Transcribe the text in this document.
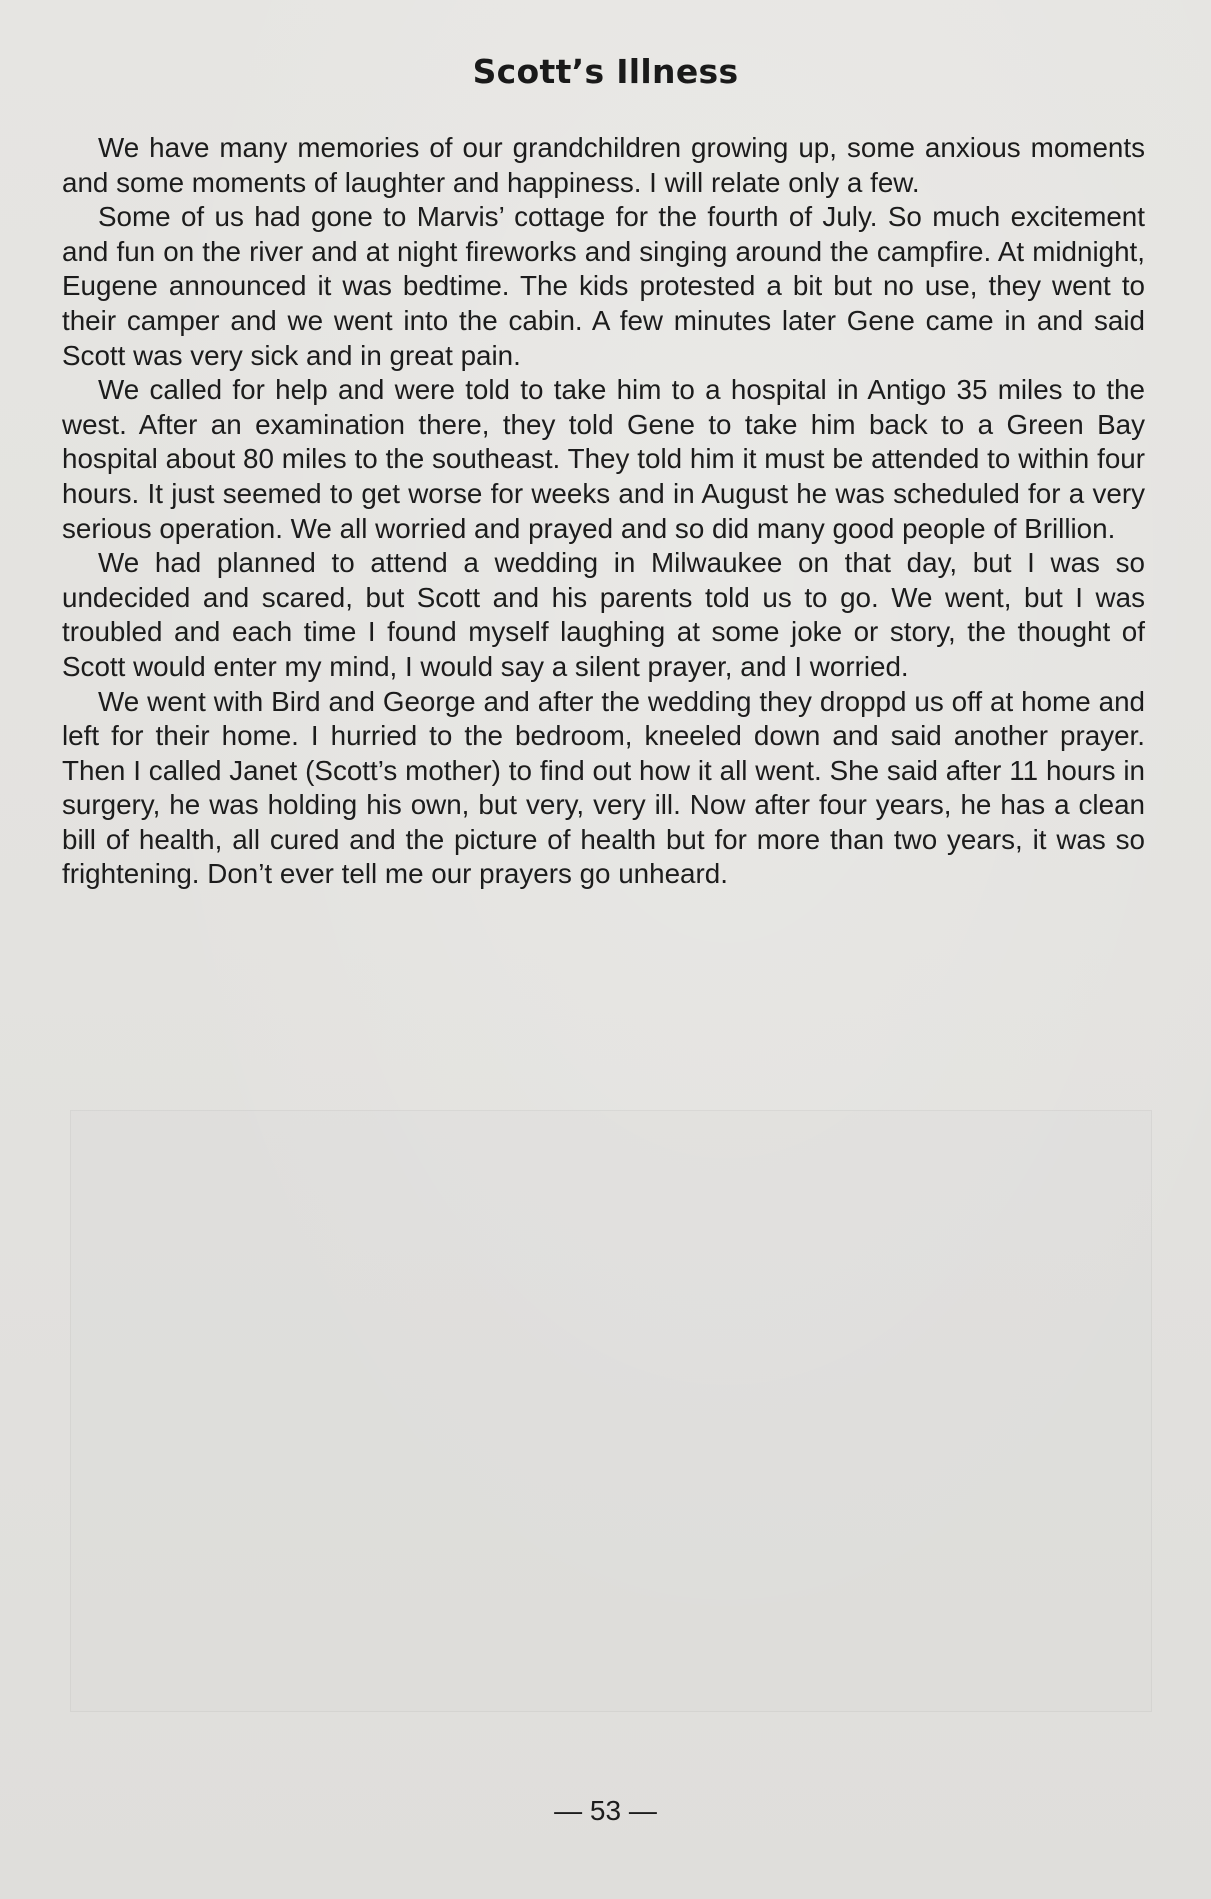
Scott’s Illness

We have many memories of our grandchildren growing up, some anxious moments and some moments of laughter and happiness. I will relate only a few.

Some of us had gone to Marvis’ cottage for the fourth of July. So much excitement and fun on the river and at night fireworks and singing around the campfire. At midnight, Eugene announced it was bedtime. The kids protested a bit but no use, they went to their camper and we went into the cabin. A few minutes later Gene came in and said Scott was very sick and in great pain.

We called for help and were told to take him to a hospital in Antigo 35 miles to the west. After an examination there, they told Gene to take him back to a Green Bay hospital about 80 miles to the southeast. They told him it must be attended to within four hours. It just seemed to get worse for weeks and in August he was scheduled for a very serious operation. We all worried and prayed and so did many good people of Brillion.

We had planned to attend a wedding in Milwaukee on that day, but I was so undecided and scared, but Scott and his parents told us to go. We went, but I was troubled and each time I found myself laughing at some joke or story, the thought of Scott would enter my mind, I would say a silent prayer, and I worried.

We went with Bird and George and after the wedding they droppd us off at home and left for their home. I hurried to the bedroom, kneeled down and said another prayer. Then I called Janet (Scott’s mother) to find out how it all went. She said after 11 hours in surgery, he was holding his own, but very, very ill. Now after four years, he has a clean bill of health, all cured and the picture of health but for more than two years, it was so frightening. Don’t ever tell me our prayers go unheard.

— 53 —
